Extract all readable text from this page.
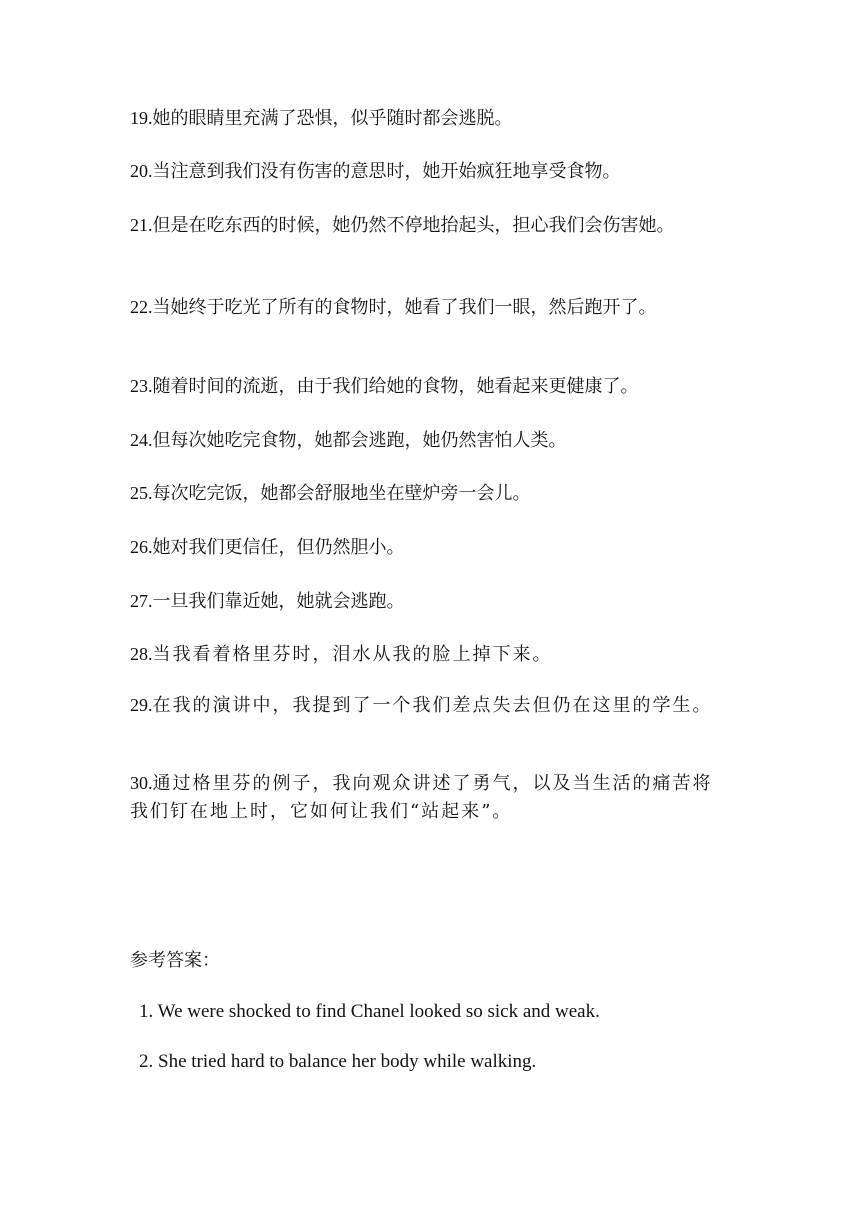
19.她的眼睛里充满了恐惧，似乎随时都会逃脱。

20.当注意到我们没有伤害的意思时，她开始疯狂地享受食物。

21.但是在吃东西的时候，她仍然不停地抬起头，担心我们会伤害她。

22.当她终于吃光了所有的食物时，她看了我们一眼，然后跑开了。

23.随着时间的流逝，由于我们给她的食物，她看起来更健康了。

24.但每次她吃完食物，她都会逃跑，她仍然害怕人类。

25.每次吃完饭，她都会舒服地坐在壁炉旁一会儿。

26.她对我们更信任，但仍然胆小。

27.一旦我们靠近她，她就会逃跑。

28.当我看着格里芬时，泪水从我的脸上掉下来。

29.在我的演讲中，我提到了一个我们差点失去但仍在这里的学生。

30.通过格里芬的例子，我向观众讲述了勇气，以及当生活的痛苦将我们钉在地上时，它如何让我们“站起来”。

参考答案：
1. We were shocked to find Chanel looked so sick and weak.
2. She tried hard to balance her body while walking.
